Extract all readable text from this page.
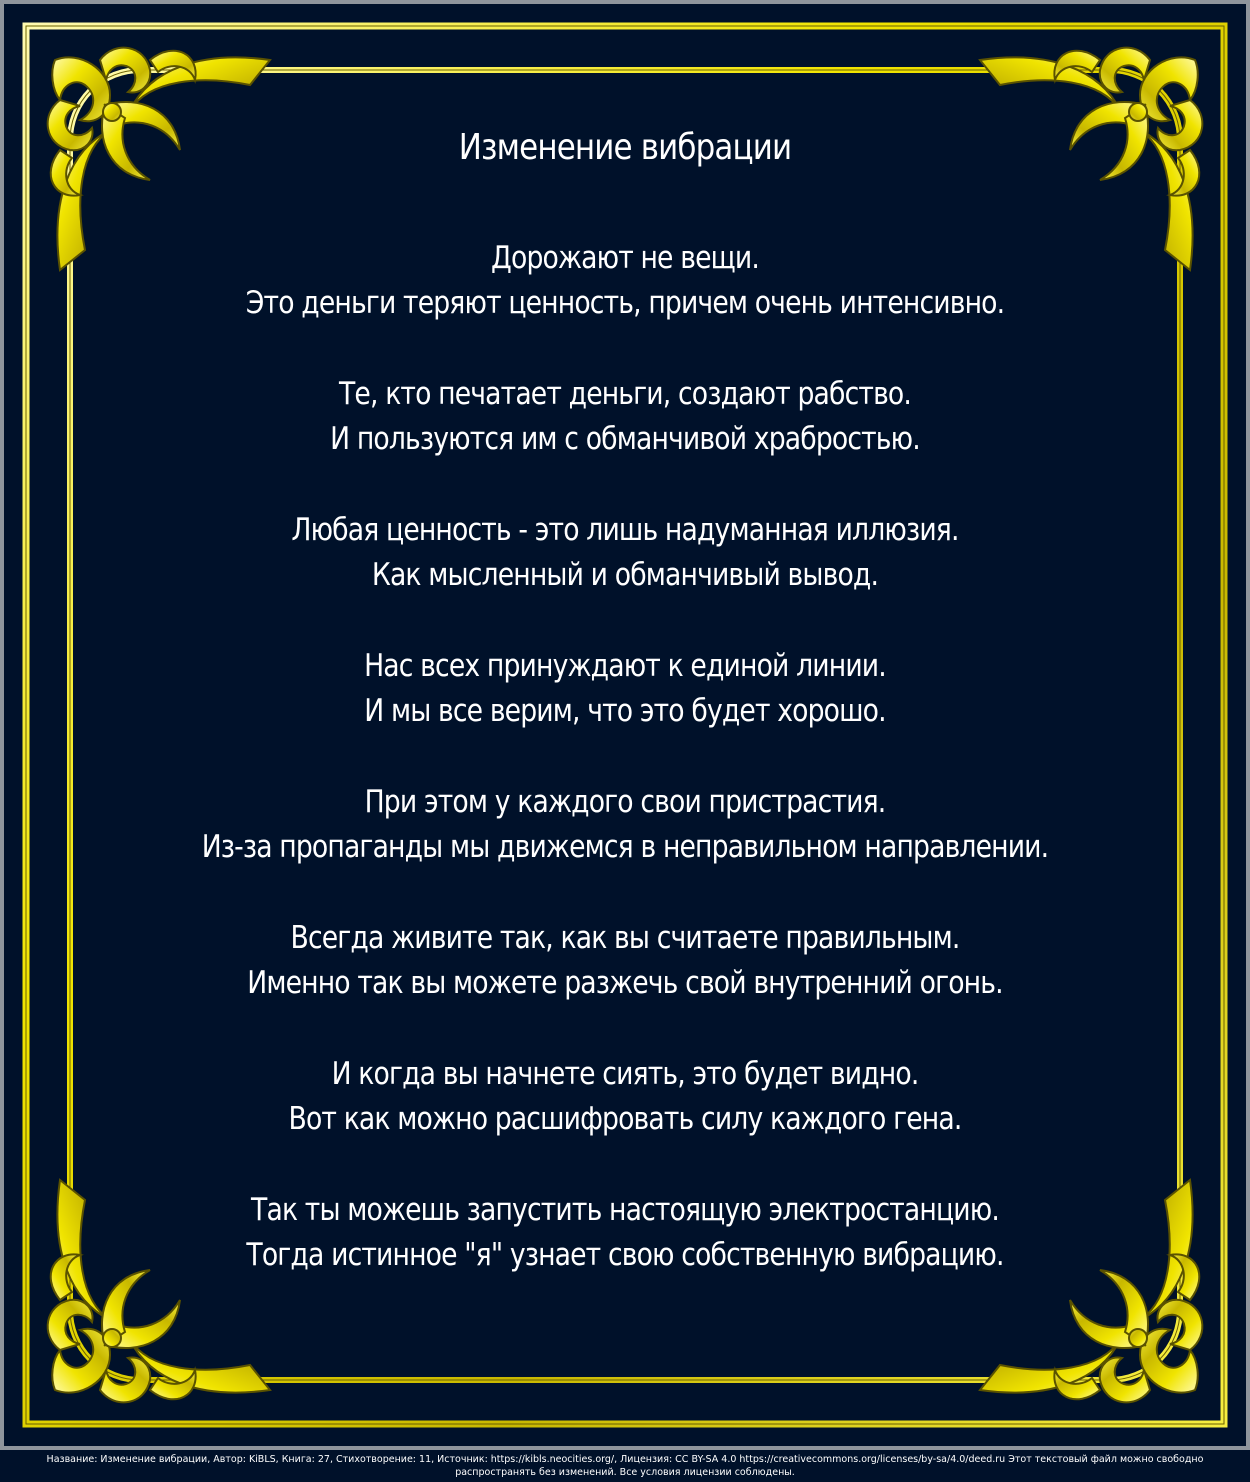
Изменение вибрации
Дорожают не вещи.
Это деньги теряют ценность, причем очень интенсивно.
Те, кто печатает деньги, создают рабство.
И пользуются им с обманчивой храбростью.
Любая ценность - это лишь надуманная иллюзия.
Как мысленный и обманчивый вывод.
Нас всех принуждают к единой линии.
И мы все верим, что это будет хорошо.
При этом у каждого свои пристрастия.
Из-за пропаганды мы движемся в неправильном направлении.
Всегда живите так, как вы считаете правильным.
Именно так вы можете разжечь свой внутренний огонь.
И когда вы начнете сиять, это будет видно.
Вот как можно расшифровать силу каждого гена.
Так ты можешь запустить настоящую электростанцию.
Тогда истинное "я" узнает свою собственную вибрацию.
Название: Изменение вибрации, Автор: KiBLS, Книга: 27, Стихотворение: 11, Источник: https://kibls.neocities.org/, Лицензия: CC BY-SA 4.0 https://creativecommons.org/licenses/by-sa/4.0/deed.ru Этот текстовый файл можно свободно
распространять без изменений. Все условия лицензии соблюдены.
